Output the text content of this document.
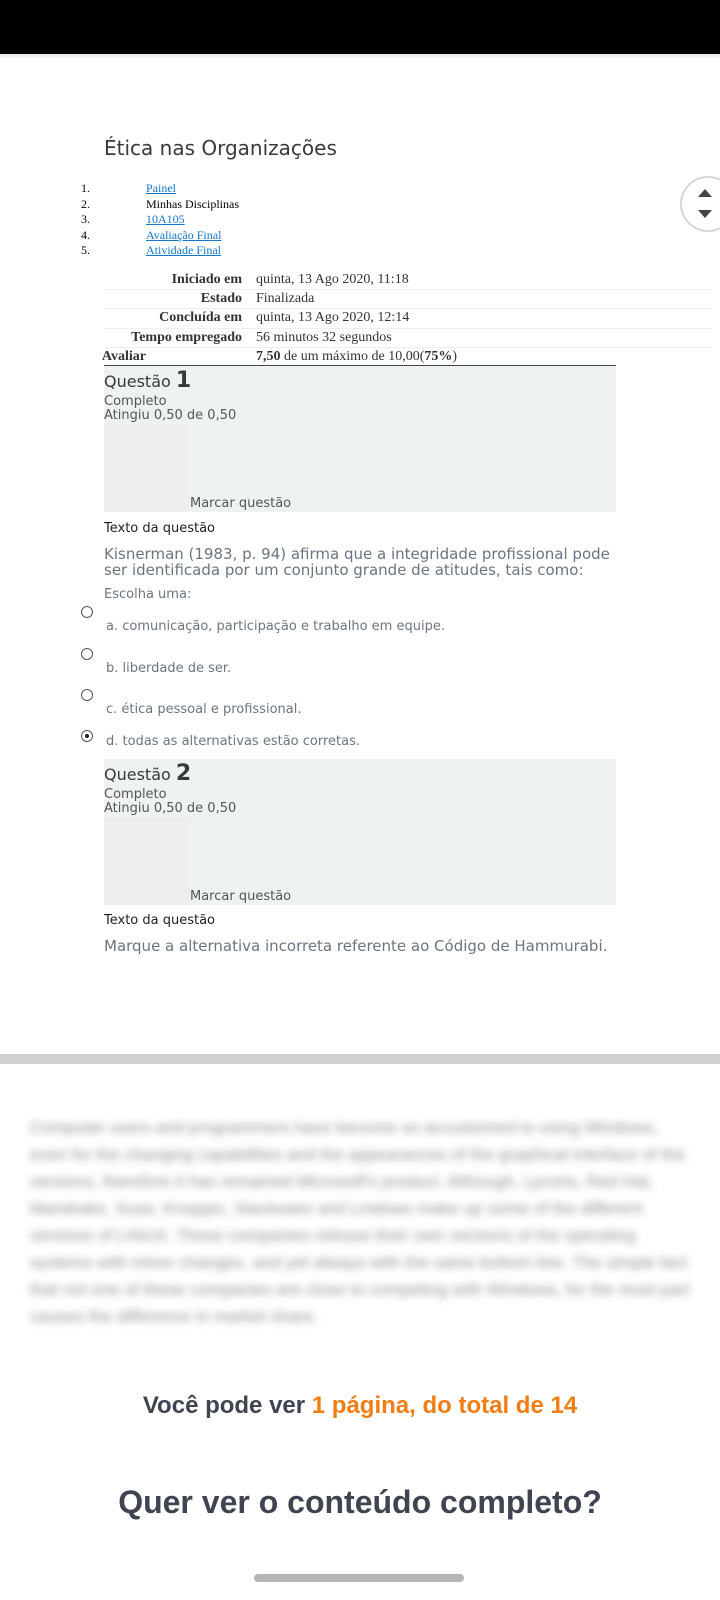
Ética nas Organizações
1.	Painel
2.	Minhas Disciplinas
3.	10A105
4.	Avaliação Final
5.	Atividade Final
Iniciado em quinta, 13 Ago 2020, 11:18
Estado Finalizada
Concluída em quinta, 13 Ago 2020, 12:14
Tempo empregado 56 minutos 32 segundos
Avaliar	7,50 de um máximo de 10,00(75%)
Questão 1
Completo
Atingiu 0,50 de 0,50
Marcar questão
Texto da questão
Kisnerman (1983, p. 94) afirma que a integridade profissional pode ser identificada por um conjunto grande de atitudes, tais como:
Escolha uma:
a. comunicação, participação e trabalho em equipe.
b. liberdade de ser.
c. ética pessoal e profissional.
d. todas as alternativas estão corretas.
Questão 2
Completo
Atingiu 0,50 de 0,50
Marcar questão
Texto da questão
Marque a alternativa incorreta referente ao Código de Hammurabi.
Computer users and programmers have become so accustomed to using Windows, even for the changing capabilities and the appearances of the graphical interface of the versions, therefore it has remained Microsoft's product. Although, Lycoris, Red Hat, Mandrake, Suse, Knoppix, Slackware and Lindows make up some of the different versions of LINUX. These companies release their own versions of the operating systems with minor changes, and yet always with the same bottom line. The simple fact that not one of these companies are close to competing with Windows, for the most part causes the difference in market share.
Você pode ver 1 página, do total de 14
Quer ver o conteúdo completo?
